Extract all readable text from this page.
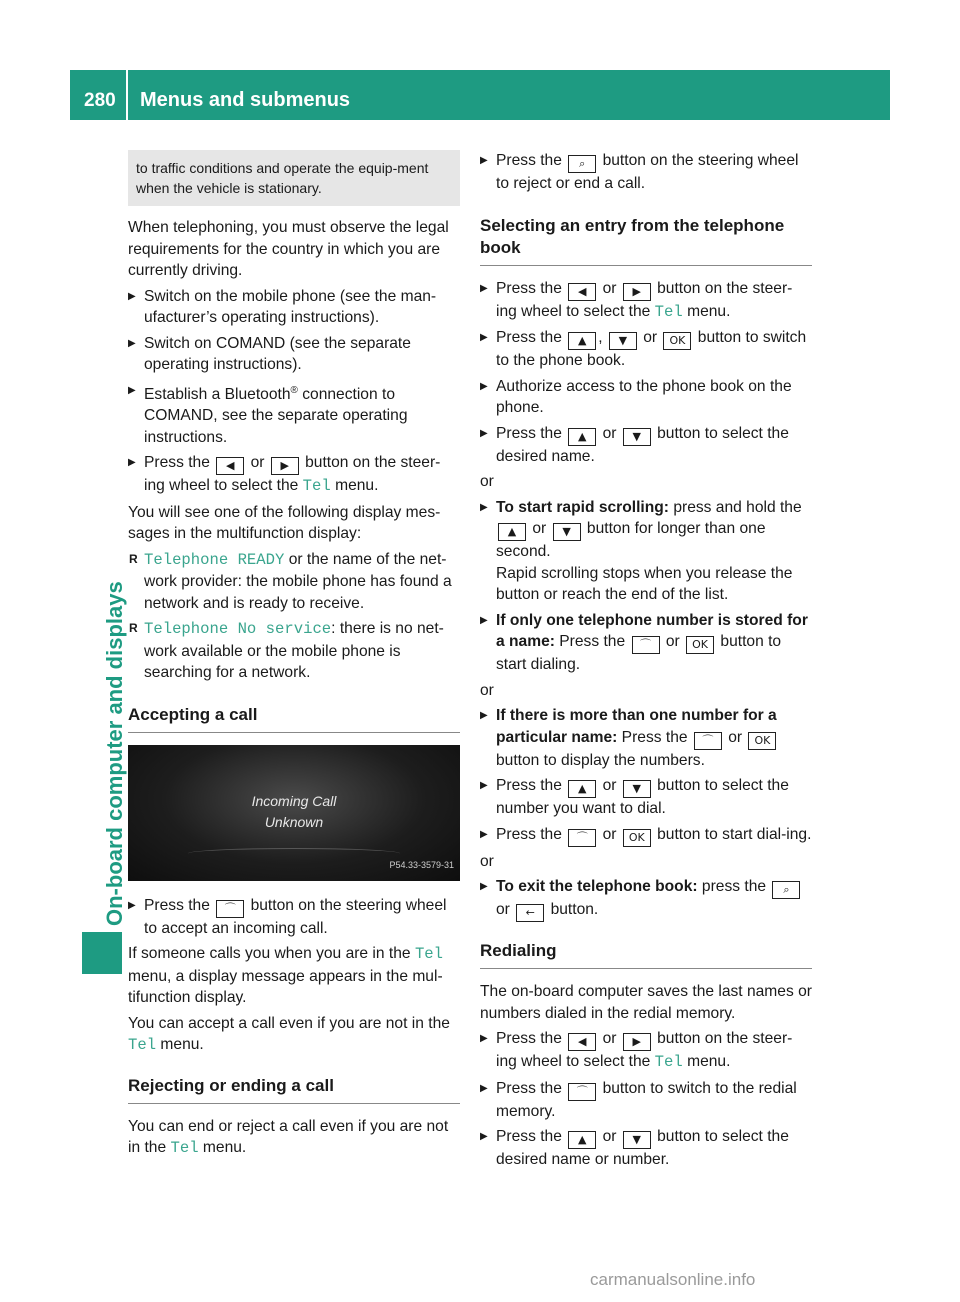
280 Menus and submenus
On-board computer and displays
to traffic conditions and operate the equip-ment when the vehicle is stationary.

When telephoning, you must observe the legal requirements for the country in which you are currently driving.

▶ Switch on the mobile phone (see the man-ufacturer’s operating instructions).
▶ Switch on COMAND (see the separate operating instructions).
▶ Establish a Bluetooth® connection to COMAND, see the separate operating instructions.
▶ Press the ◀ or ▶ button on the steer-ing wheel to select the Tel menu.

You will see one of the following display mes-sages in the multifunction display:

R Telephone READY or the name of the net-work provider: the mobile phone has found a network and is ready to receive.
R Telephone No service: there is no net-work available or the mobile phone is searching for a network.
Accepting a call
Incoming Call
Unknown
P54.33-3579-31
▶ Press the ⌒ button on the steering wheel to accept an incoming call.

If someone calls you when you are in the Tel menu, a display message appears in the mul-tifunction display.

You can accept a call even if you are not in the Tel menu.

Rejecting or ending a call

You can end or reject a call even if you are not in the Tel menu.

▶ Press the ⌕ button on the steering wheel to reject or end a call.
Selecting an entry from the telephone book
▶ Press the ◀ or ▶ button on the steer-ing wheel to select the Tel menu.
▶ Press the ▲ , ▼ or OK button to switch to the phone book.
▶ Authorize access to the phone book on the phone.
▶ Press the ▲ or ▼ button to select the desired name.
or
▶ To start rapid scrolling: press and hold the ▲ or ▼ button for longer than one second.
Rapid scrolling stops when you release the button or reach the end of the list.
▶ If only one telephone number is stored for a name: Press the ⌒ or OK button to start dialing.
or
▶ If there is more than one number for a particular name: Press the ⌒ or OK button to display the numbers.
▶ Press the ▲ or ▼ button to select the number you want to dial.
▶ Press the ⌒ or OK button to start dial-ing.
or
▶ To exit the telephone book: press the ⌕ or ← button.
Redialing

The on-board computer saves the last names or numbers dialed in the redial memory.

▶ Press the ◀ or ▶ button on the steer-ing wheel to select the Tel menu.
▶ Press the ⌒ button to switch to the redial memory.
▶ Press the ▲ or ▼ button to select the desired name or number.
carmanualsonline.info
